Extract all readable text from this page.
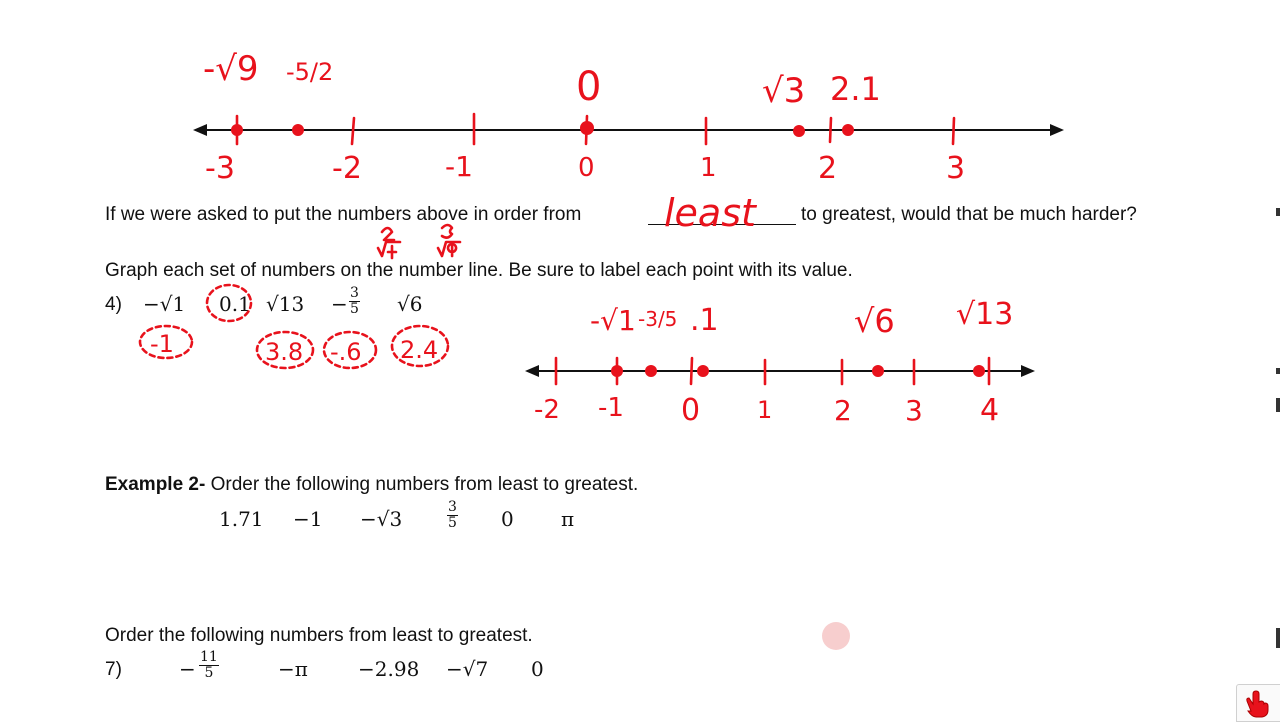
If we were asked to put the numbers above in order from	to greatest, would that be much harder?
Graph each set of numbers on the number line. Be sure to label each point with its value.
4) −√1 0.1 $√13 - \frac{3}{5} √6$
Example 2- Order the following numbers from least to greatest.
1.71 −1 −√3	$\frac{3}{5} 0$ π
Order the following numbers from least to greatest.
7)	− $\frac{11}{5}$	−π	−2.98 −√7 0
-3	-2	-1	0	1	2	3
-√9 -5/2	0	√3 2.1
least
-1	3.8 -.6 2.4
-2 -1 0 1 2 3 4
-√1 -3/5 .1	√6 √13
